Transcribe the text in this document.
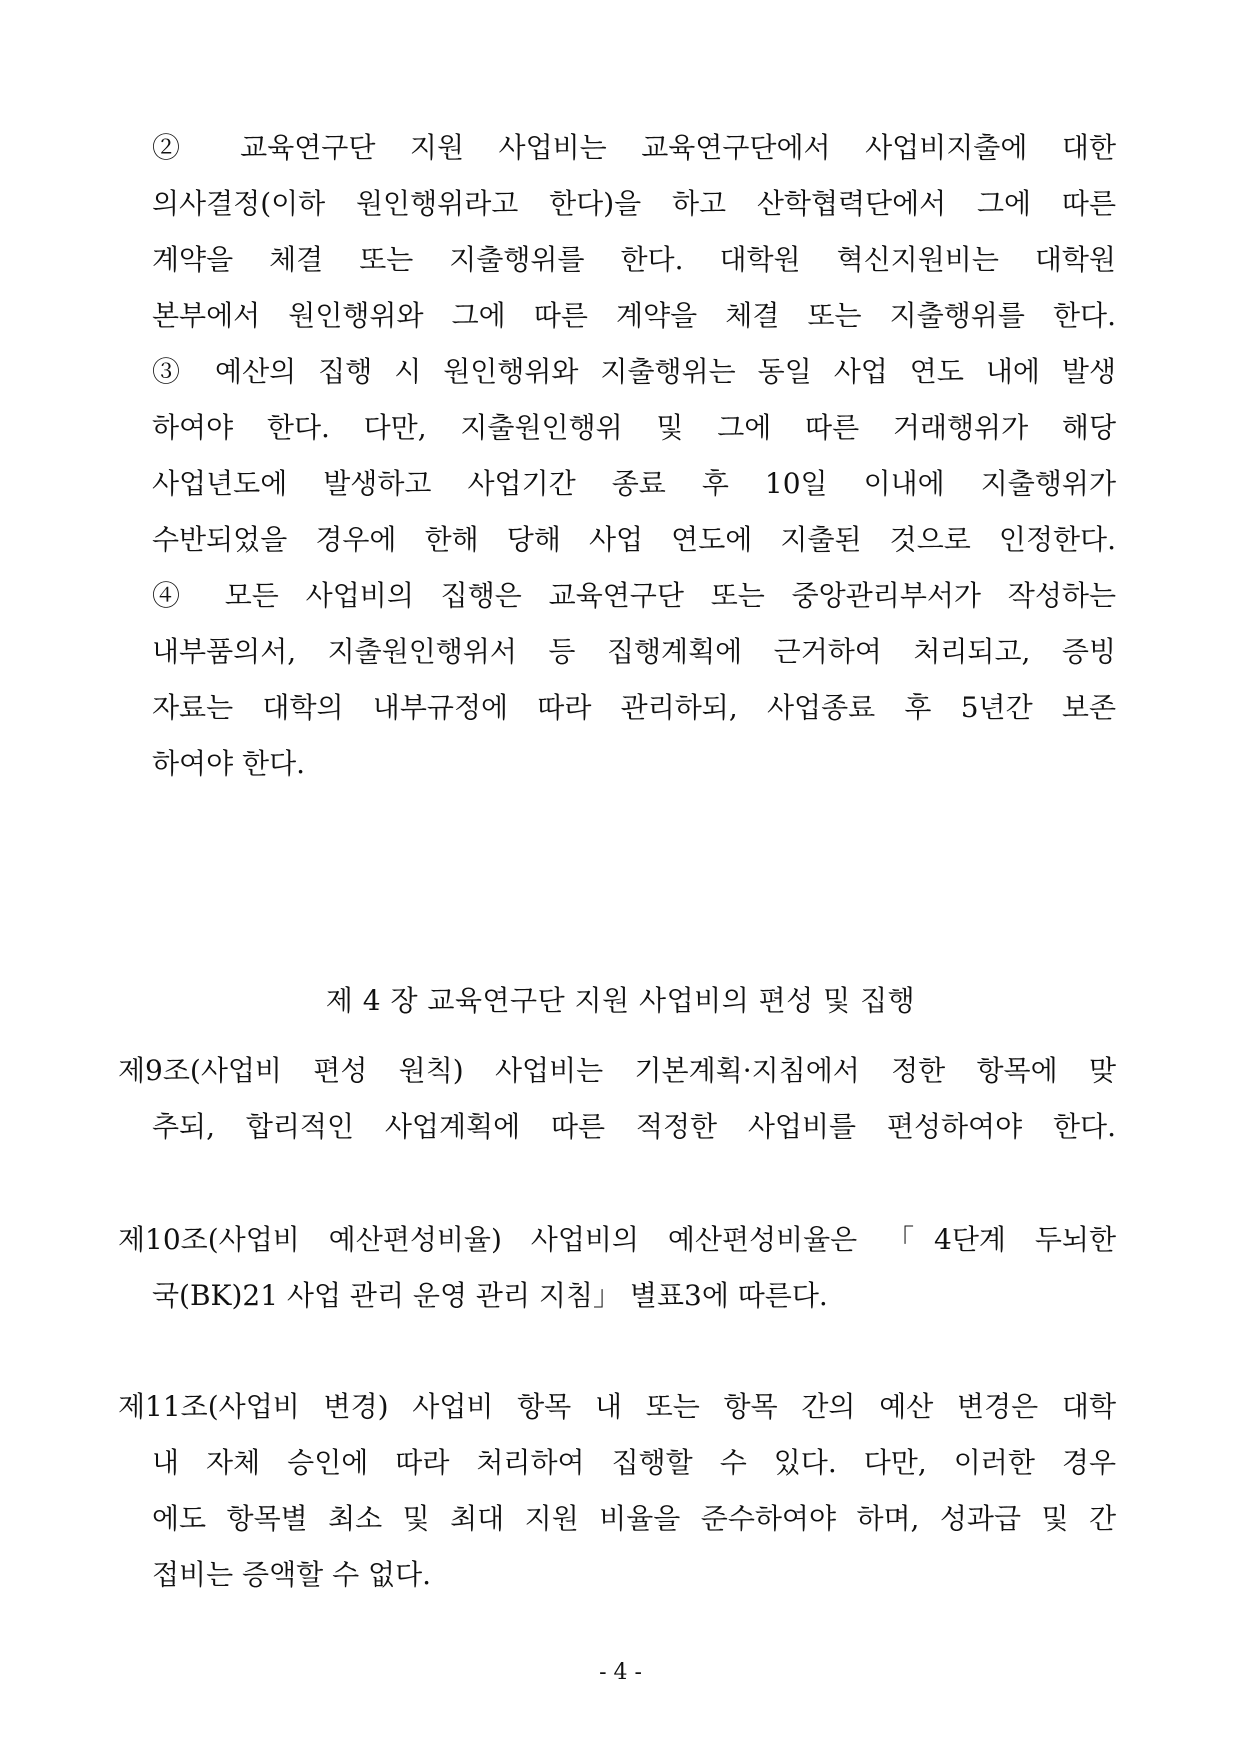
② 교육연구단 지원 사업비는 교육연구단에서 사업비지출에 대한
의사결정(이하 원인행위라고 한다)을 하고 산학협력단에서 그에 따른
계약을 체결 또는 지출행위를 한다. 대학원 혁신지원비는 대학원
본부에서 원인행위와 그에 따른 계약을 체결 또는 지출행위를 한다.
③ 예산의 집행 시 원인행위와 지출행위는 동일 사업 연도 내에 발생
하여야 한다. 다만, 지출원인행위 및 그에 따른 거래행위가 해당
사업년도에 발생하고 사업기간 종료 후 10일 이내에 지출행위가
수반되었을 경우에 한해 당해 사업 연도에 지출된 것으로 인정한다.
④ 모든 사업비의 집행은 교육연구단 또는 중앙관리부서가 작성하는
내부품의서, 지출원인행위서 등 집행계획에 근거하여 처리되고, 증빙
자료는 대학의 내부규정에 따라 관리하되, 사업종료 후 5년간 보존
하여야 한다.
제 4 장 교육연구단 지원 사업비의 편성 및 집행
제9조(사업비 편성 원칙) 사업비는 기본계획·지침에서 정한 항목에 맞
추되, 합리적인 사업계획에 따른 적정한 사업비를 편성하여야 한다.
제10조(사업비 예산편성비율) 사업비의 예산편성비율은 「4단계 두뇌한
국(BK)21 사업 관리 운영 관리 지침」 별표3에 따른다.
제11조(사업비 변경) 사업비 항목 내 또는 항목 간의 예산 변경은 대학
내 자체 승인에 따라 처리하여 집행할 수 있다. 다만, 이러한 경우
에도 항목별 최소 및 최대 지원 비율을 준수하여야 하며, 성과급 및 간
접비는 증액할 수 없다.
- 4 -
